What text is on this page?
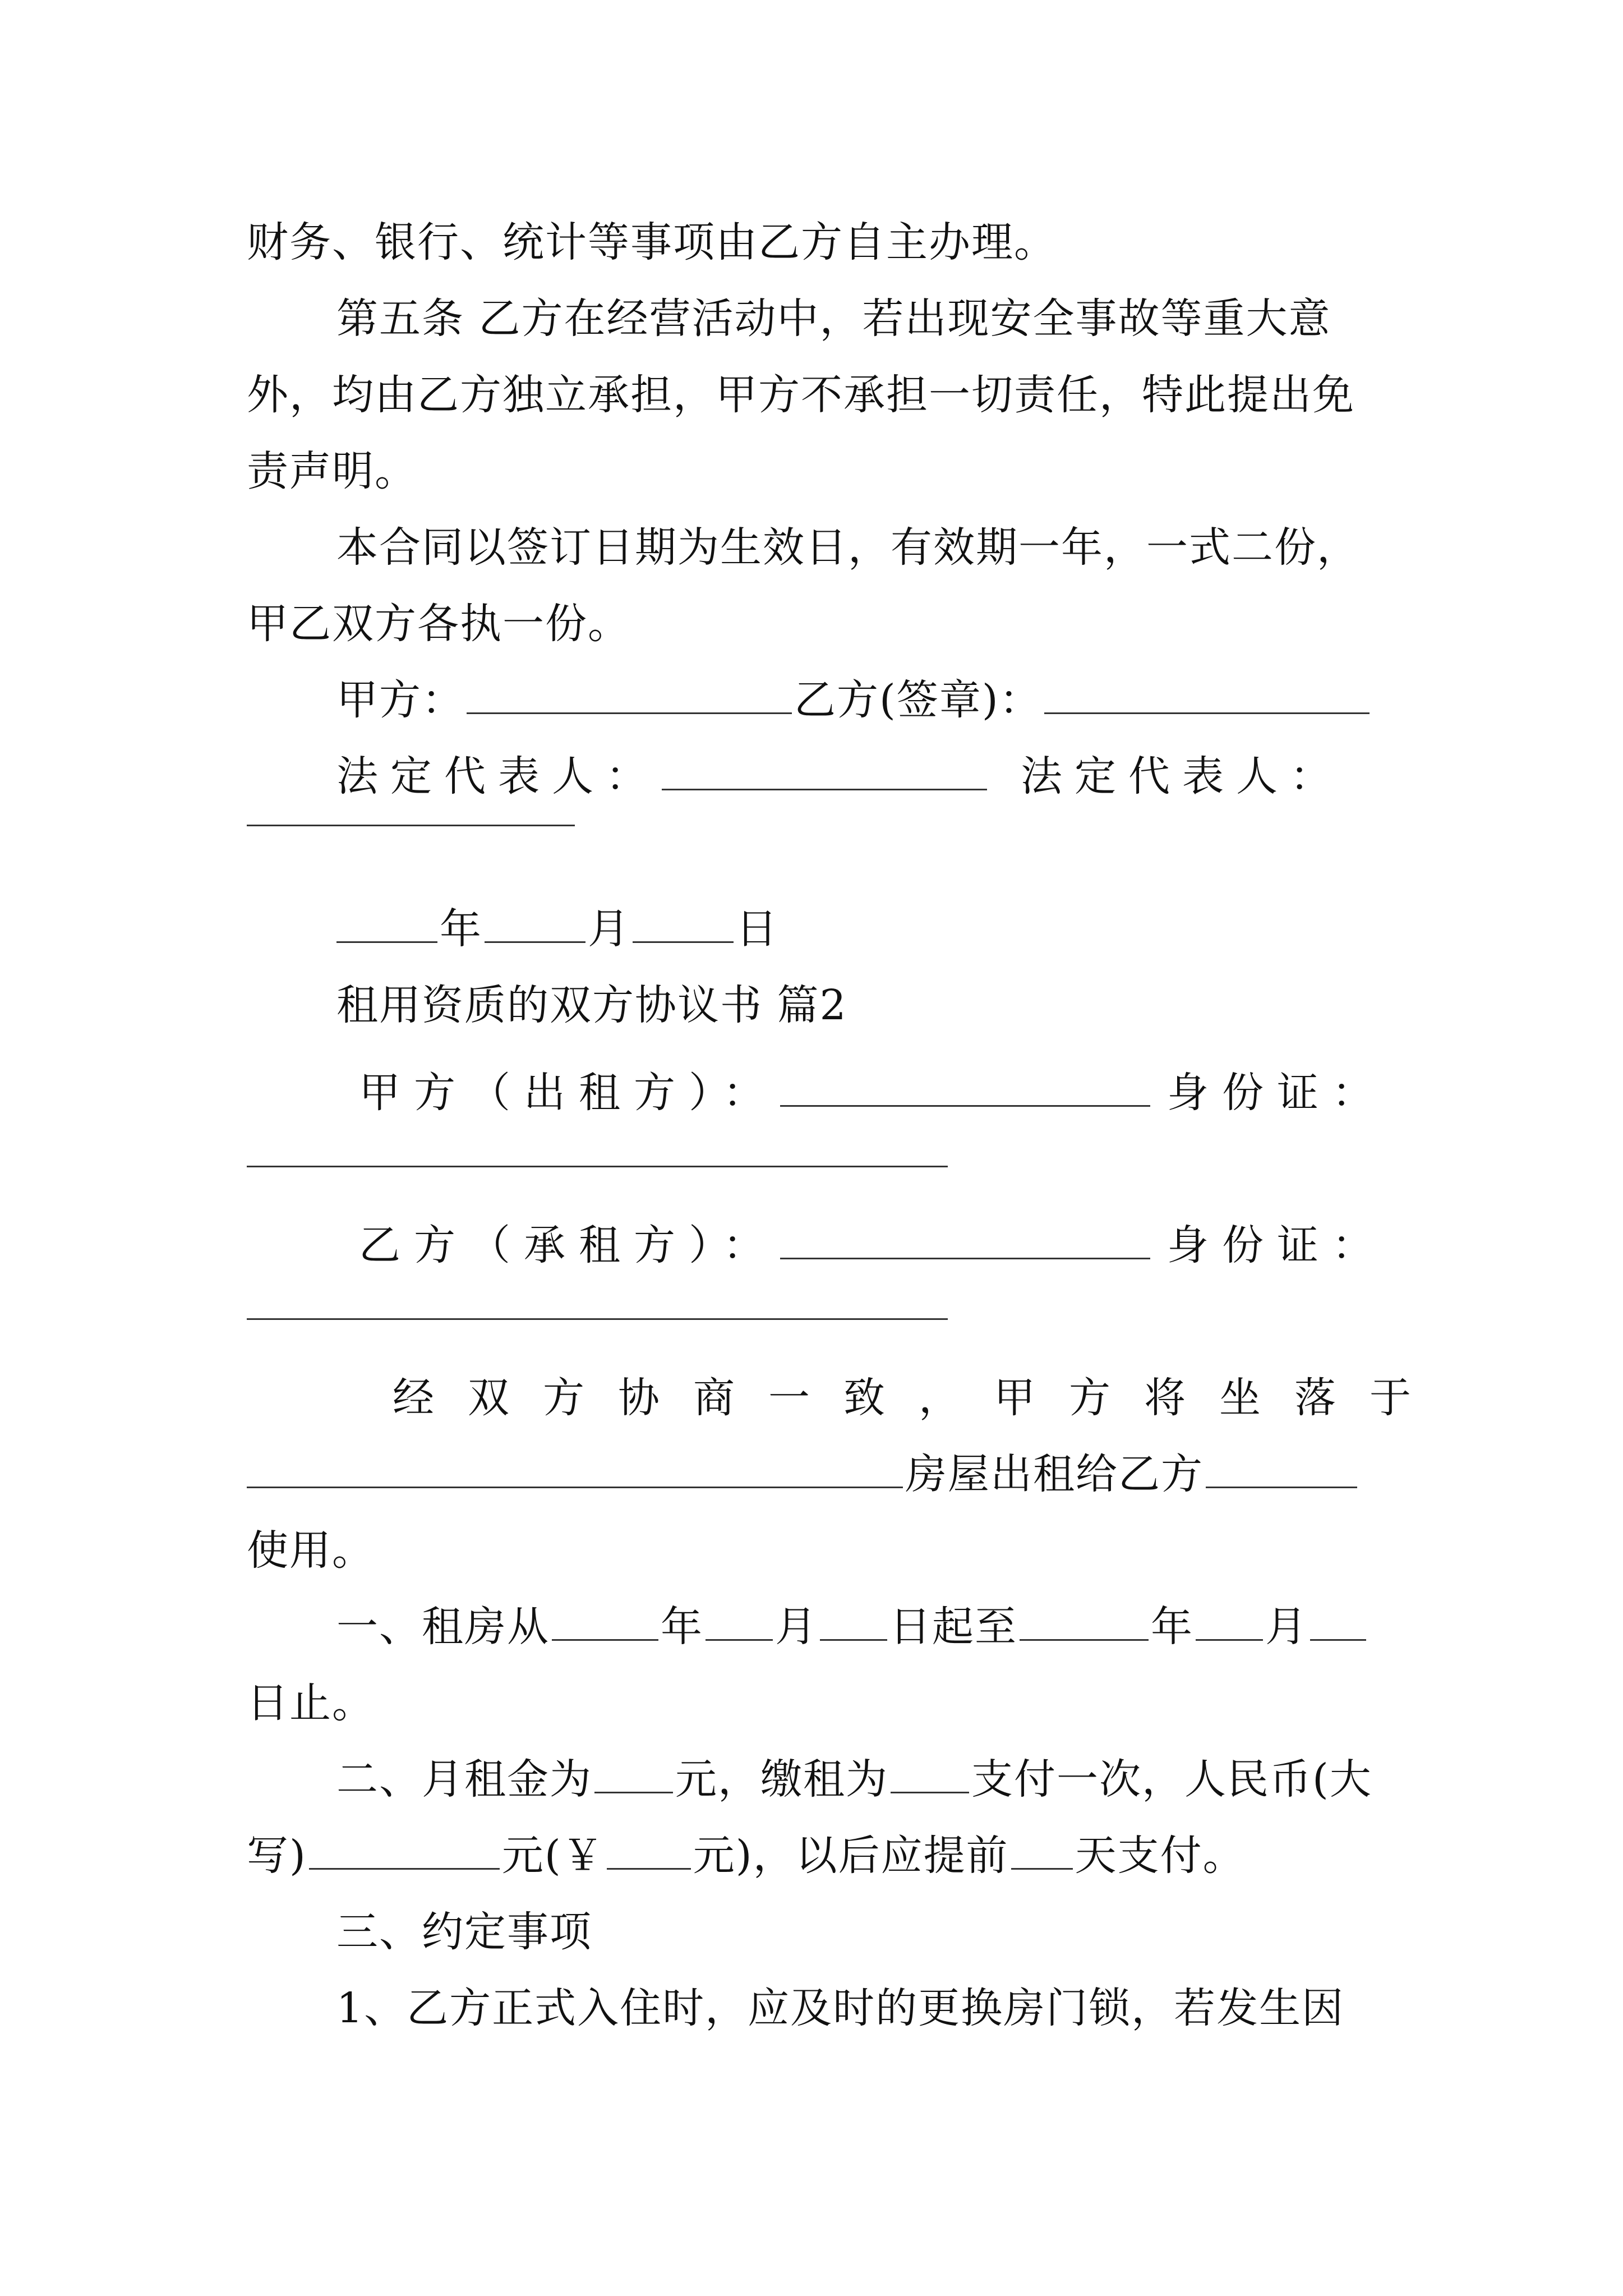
财务、银行、统计等事项由乙方自主办理。
第五条 乙方在经营活动中，若出现安全事故等重大意
外，均由乙方独立承担，甲方不承担一切责任，特此提出免
责声明。
本合同以签订日期为生效日，有效期一年，一式二份，
甲乙双方各执一份。
甲方：	乙方(签章)：
法定代表人：	法定代表人：
年	月	日
租用资质的双方协议书 篇2
甲方（出租方）：	身份证：
乙方（承租方）：	身份证：
经双方协商一致，甲方将坐落于
房屋出租给乙方
使用。
一、租房从	年 月 日起至	年 月
日止。
二、月租金为 元，缴租为 支付一次，人民币(大
写)	元(￥ 元)，以后应提前 天支付。
三、约定事项
1、乙方正式入住时，应及时的更换房门锁，若发生因
